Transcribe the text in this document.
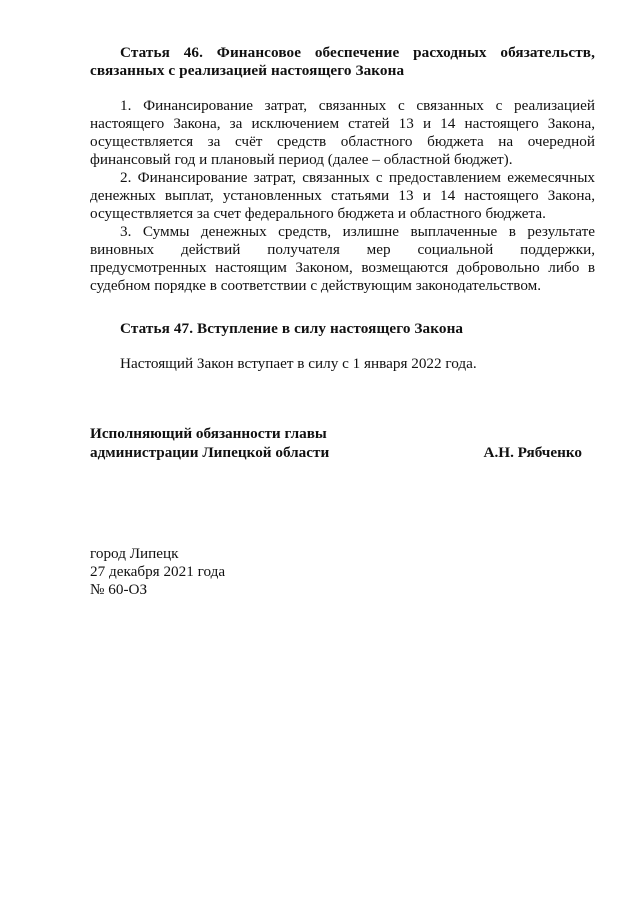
Статья 46. Финансовое обеспечение расходных обязательств, связанных с реализацией настоящего Закона

1. Финансирование затрат, связанных с связанных с реализацией настоящего Закона, за исключением статей 13 и 14 настоящего Закона, осуществляется за счёт средств областного бюджета на очередной финансовый год и плановый период (далее – областной бюджет).

2. Финансирование затрат, связанных с предоставлением ежемесячных денежных выплат, установленных статьями 13 и 14 настоящего Закона, осуществляется за счет федерального бюджета и областного бюджета.

3. Суммы денежных средств, излишне выплаченные в результате виновных действий получателя мер социальной поддержки, предусмотренных настоящим Законом, возмещаются добровольно либо в судебном порядке в соответствии с действующим законодательством.

Статья 47. Вступление в силу настоящего Закона

Настоящий Закон вступает в силу с 1 января 2022 года.

Исполняющий обязанности главы
администрации Липецкой области	А.Н. Рябченко
город Липецк
27 декабря 2021 года
№ 60-ОЗ
